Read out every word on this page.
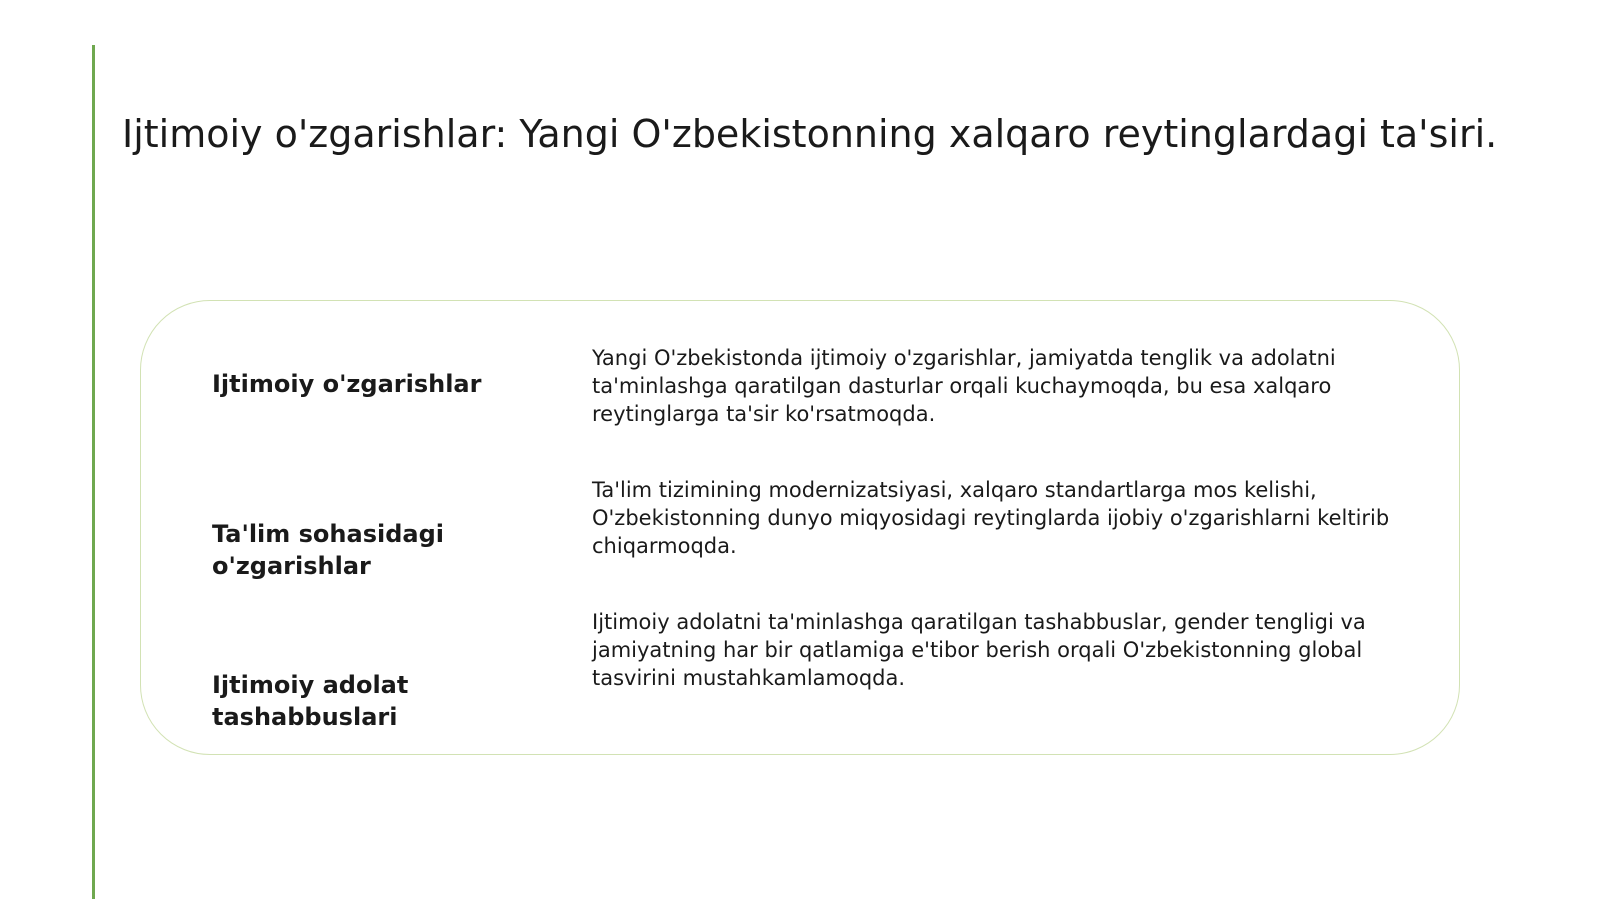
Ijtimoiy o'zgarishlar: Yangi O'zbekistonning xalqaro reytinglardagi ta'siri.
Ijtimoiy o'zgarishlar

Yangi O'zbekistonda ijtimoiy o'zgarishlar, jamiyatda tenglik va adolatni ta'minlashga qaratilgan dasturlar orqali kuchaymoqda, bu esa xalqaro reytinglarga ta'sir ko'rsatmoqda.

Ta'lim sohasidagi o'zgarishlar

Ta'lim tizimining modernizatsiyasi, xalqaro standartlarga mos kelishi, O'zbekistonning dunyo miqyosidagi reytinglarda ijobiy o'zgarishlarni keltirib chiqarmoqda.

Ijtimoiy adolat tashabbuslari

Ijtimoiy adolatni ta'minlashga qaratilgan tashabbuslar, gender tengligi va jamiyatning har bir qatlamiga e'tibor berish orqali O'zbekistonning global tasvirini mustahkamlamoqda.
